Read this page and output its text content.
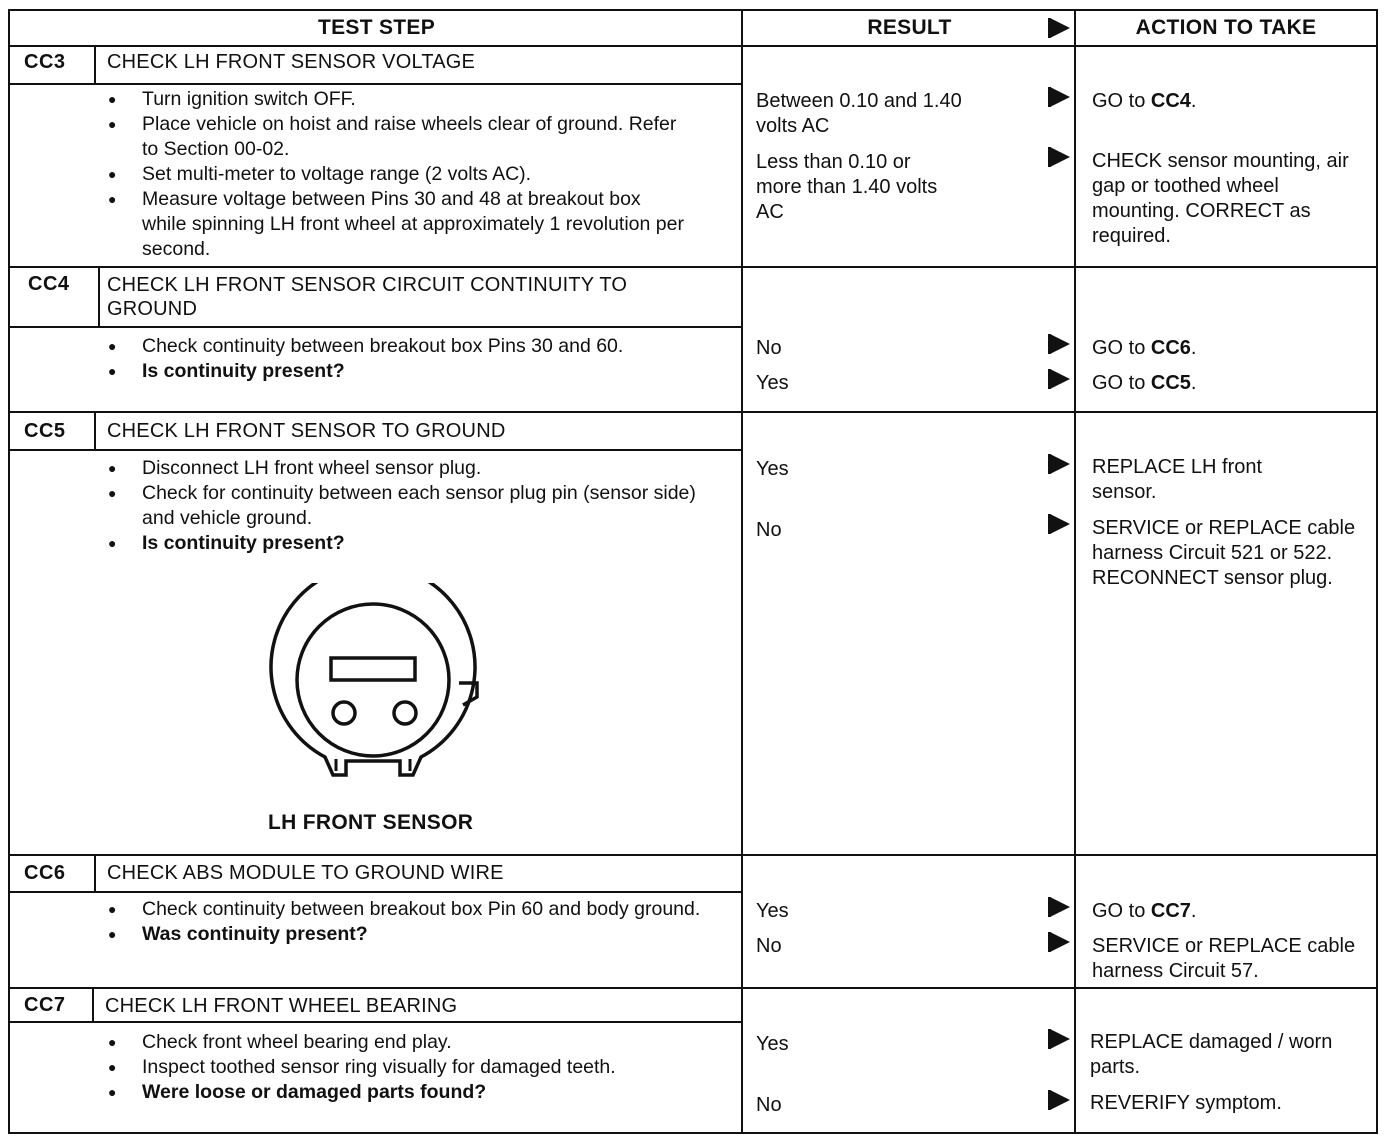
TEST STEP	RESULT	ACTION TO TAKE
CC3 CHECK LH FRONT SENSOR VOLTAGE
● Turn ignition switch OFF.
● Place vehicle on hoist and raise wheels clear of ground. Refer to Section 00-02.
● Set multi-meter to voltage range (2 volts AC).
● Measure voltage between Pins 30 and 48 at breakout box while spinning LH front wheel at approximately 1 revolution per second.
Between 0.10 and 1.40 volts AC
Less than 0.10 or more than 1.40 volts AC
GO to CC4.
CHECK sensor mounting, air gap or toothed wheel mounting. CORRECT as required.
CC4 CHECK LH FRONT SENSOR CIRCUIT CONTINUITY TO GROUND
● Check continuity between breakout box Pins 30 and 60.
● Is continuity present?
No
Yes
GO to CC6.
GO to CC5.
CC5 CHECK LH FRONT SENSOR TO GROUND
● Disconnect LH front wheel sensor plug.
● Check for continuity between each sensor plug pin (sensor side) and vehicle ground.
● Is continuity present?
Yes
No
REPLACE LH front sensor.
SERVICE or REPLACE cable harness Circuit 521 or 522. RECONNECT sensor plug.
LH FRONT SENSOR
CC6 CHECK ABS MODULE TO GROUND WIRE
● Check continuity between breakout box Pin 60 and body ground.
● Was continuity present?
Yes
No
GO to CC7.
SERVICE or REPLACE cable harness Circuit 57.
CC7 CHECK LH FRONT WHEEL BEARING
● Check front wheel bearing end play.
● Inspect toothed sensor ring visually for damaged teeth.
● Were loose or damaged parts found?
Yes
No
REPLACE damaged / worn parts.
REVERIFY symptom.
